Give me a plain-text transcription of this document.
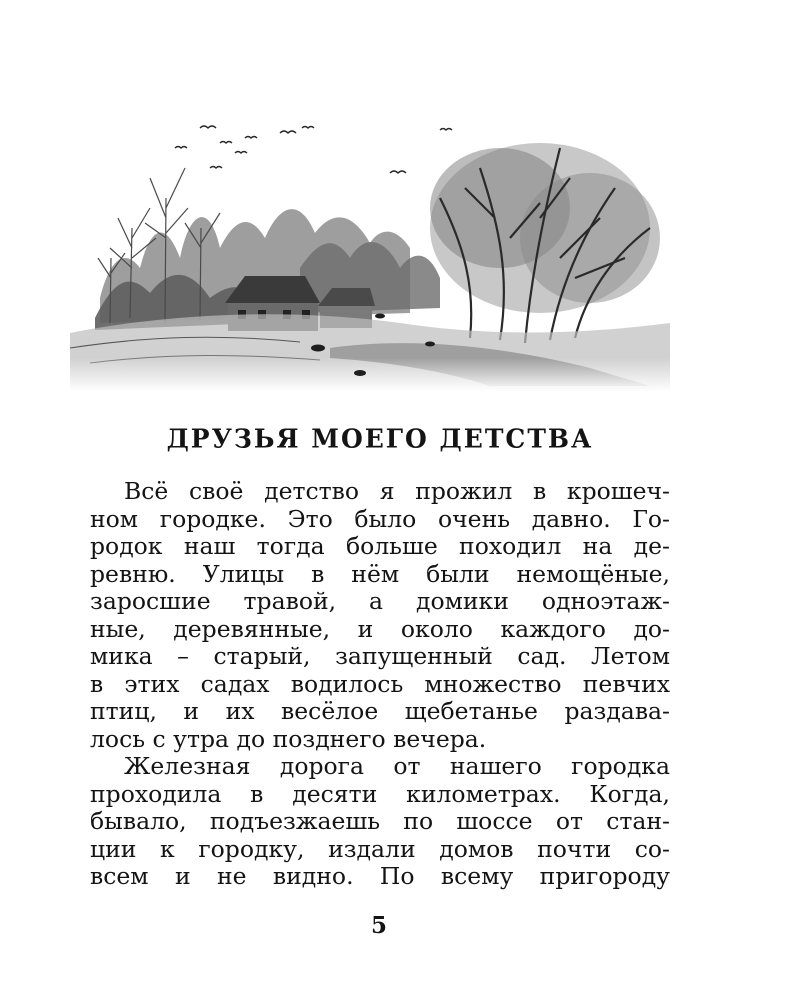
ДРУЗЬЯ МОЕГО ДЕТСТВА
Всё своё детство я прожил в крошеч-
ном городке. Это было очень давно. Го-
родок наш тогда больше походил на де-
ревню. Улицы в нём были немощёные,
заросшие травой, а домики одноэтаж-
ные, деревянные, и около каждого до-
мика – старый, запущенный сад. Летом
в этих садах водилось множество певчих
птиц, и их весёлое щебетанье раздава-
лось с утра до позднего вечера.
Железная дорога от нашего городка
проходила в десяти километрах. Когда,
бывало, подъезжаешь по шоссе от стан-
ции к городку, издали домов почти со-
всем и не видно. По всему пригороду
5
